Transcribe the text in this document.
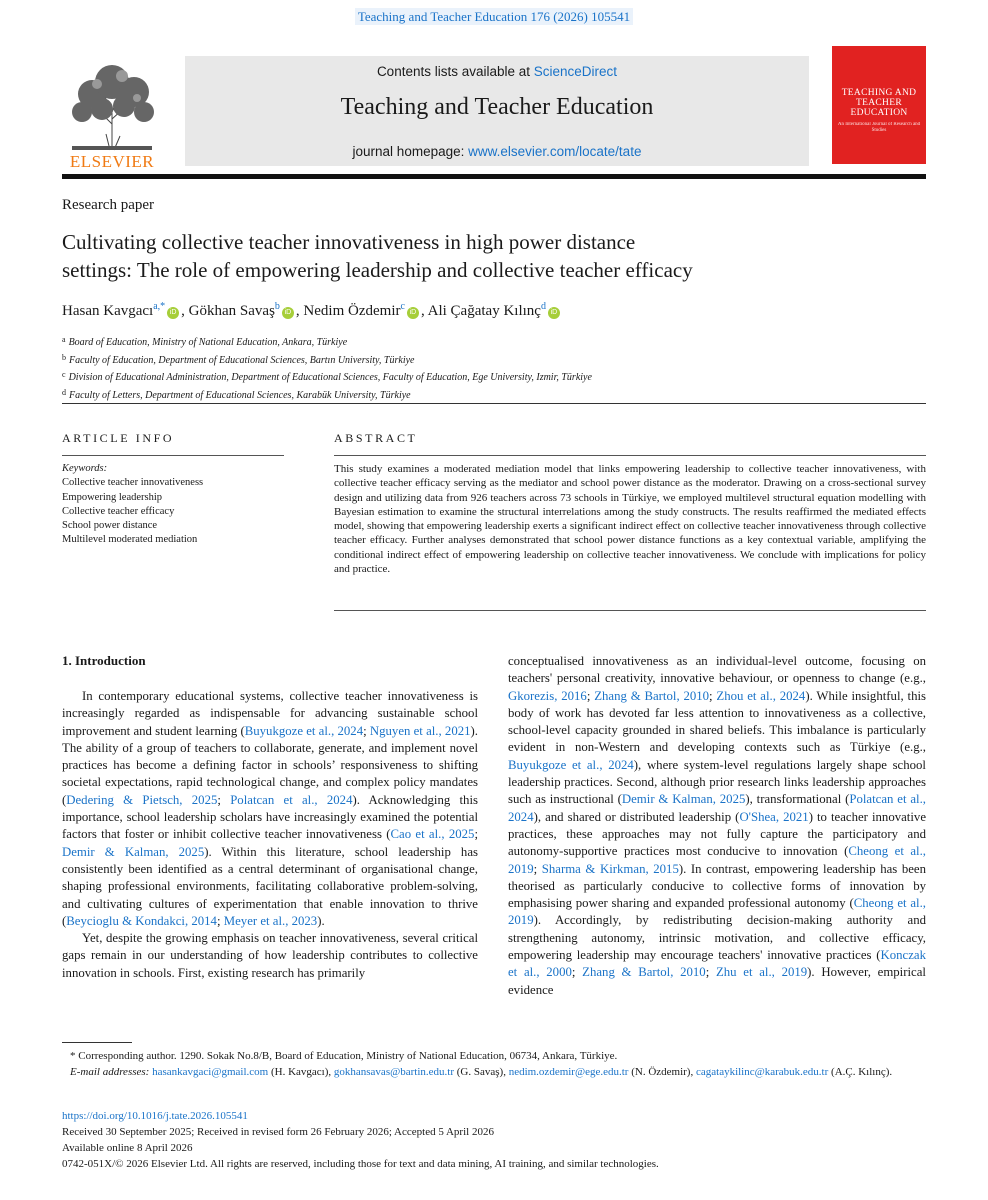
Teaching and Teacher Education 176 (2026) 105541
ELSEVIER
Contents lists available at ScienceDirect
Teaching and Teacher Education
journal homepage: www.elsevier.com/locate/tate
TEACHING AND TEACHER EDUCATION
An International Journal of Research and Studies
Research paper
Cultivating collective teacher innovativeness in high power distance
settings: The role of empowering leadership and collective teacher efficacy
Hasan Kavgacı$^{a,*}$iD , Gökhan Savaş$^b$iD , Nedim Özdemir$^c$iD , Ali Çağatay Kılınç$^d$iD
$^a$ Board of Education, Ministry of National Education, Ankara, Türkiye
$^b$ Faculty of Education, Department of Educational Sciences, Bartın University, Türkiye
$^c$ Division of Educational Administration, Department of Educational Sciences, Faculty of Education, Ege University, Izmir, Türkiye
$^d$ Faculty of Letters, Department of Educational Sciences, Karabük University, Türkiye
ARTICLE INFO
Keywords:
Collective teacher innovativeness
Empowering leadership
Collective teacher efficacy
School power distance
Multilevel moderated mediation
ABSTRACT
This study examines a moderated mediation model that links empowering leadership to collective teacher innovativeness, with collective teacher efficacy serving as the mediator and school power distance as the moderator. Drawing on a cross-sectional survey design and utilizing data from 926 teachers across 73 schools in Türkiye, we employed multilevel structural equation modelling with Bayesian estimation to examine the structural interrelations among the study constructs. The results reaffirmed the mediated effects model, showing that empowering leadership exerts a significant indirect effect on collective teacher innovativeness through collective teacher efficacy. Further analyses demonstrated that school power distance functions as a key contextual variable, amplifying the conditional indirect effect of empowering leadership on collective teacher innovativeness. We conclude with implications for policy and practice.
1. Introduction

In contemporary educational systems, collective teacher innovativeness is increasingly regarded as indispensable for advancing sustainable school improvement and student learning (Buyukgoze et al., 2024; Nguyen et al., 2021). The ability of a group of teachers to collaborate, generate, and implement novel practices has become a defining factor in schools’ responsiveness to shifting societal expectations, rapid technological change, and complex policy mandates (Dedering & Pietsch, 2025; Polatcan et al., 2024). Acknowledging this importance, school leadership scholars have increasingly examined the potential factors that foster or inhibit collective teacher innovativeness (Cao et al., 2025; Demir & Kalman, 2025). Within this literature, school leadership has consistently been identified as a central determinant of organisational change, shaping professional environments, facilitating collaborative problem-solving, and cultivating cultures of experimentation that enable innovation to thrive (Beycioglu & Kondakci, 2014; Meyer et al., 2023).

Yet, despite the growing emphasis on teacher innovativeness, several critical gaps remain in our understanding of how leadership contributes to collective innovation in schools. First, existing research has primarily

conceptualised innovativeness as an individual-level outcome, focusing on teachers' personal creativity, innovative behaviour, or openness to change (e.g., Gkorezis, 2016; Zhang & Bartol, 2010; Zhou et al., 2024). While insightful, this body of work has devoted far less attention to innovativeness as a collective, school-level capacity grounded in shared beliefs. This imbalance is particularly evident in non-Western and developing contexts such as Türkiye (e.g., Buyukgoze et al., 2024), where system-level regulations largely shape school leadership practices. Second, although prior research links leadership approaches such as instructional (Demir & Kalman, 2025), transformational (Polatcan et al., 2024), and shared or distributed leadership (O'Shea, 2021) to teacher innovative practices, these approaches may not fully capture the participatory and autonomy-supportive practices most conducive to innovation (Cheong et al., 2019; Sharma & Kirkman, 2015). In contrast, empowering leadership has been theorised as particularly conducive to collective forms of innovation by emphasising power sharing and expanded professional autonomy (Cheong et al., 2019). Accordingly, by redistributing decision-making authority and strengthening autonomy, intrinsic motivation, and collective efficacy, empowering leadership may encourage teachers' innovative practices (Konczak et al., 2000; Zhang & Bartol, 2010; Zhu et al., 2019). However, empirical evidence

* Corresponding author. 1290. Sokak No.8/B, Board of Education, Ministry of National Education, 06734, Ankara, Türkiye.
E-mail addresses: hasankavgaci@gmail.com (H. Kavgacı), gokhansavas@bartin.edu.tr (G. Savaş), nedim.ozdemir@ege.edu.tr (N. Özdemir), cagataykilinc@karabuk.edu.tr (A.Ç. Kılınç).
https://doi.org/10.1016/j.tate.2026.105541
Received 30 September 2025; Received in revised form 26 February 2026; Accepted 5 April 2026
Available online 8 April 2026
0742-051X/© 2026 Elsevier Ltd. All rights are reserved, including those for text and data mining, AI training, and similar technologies.
